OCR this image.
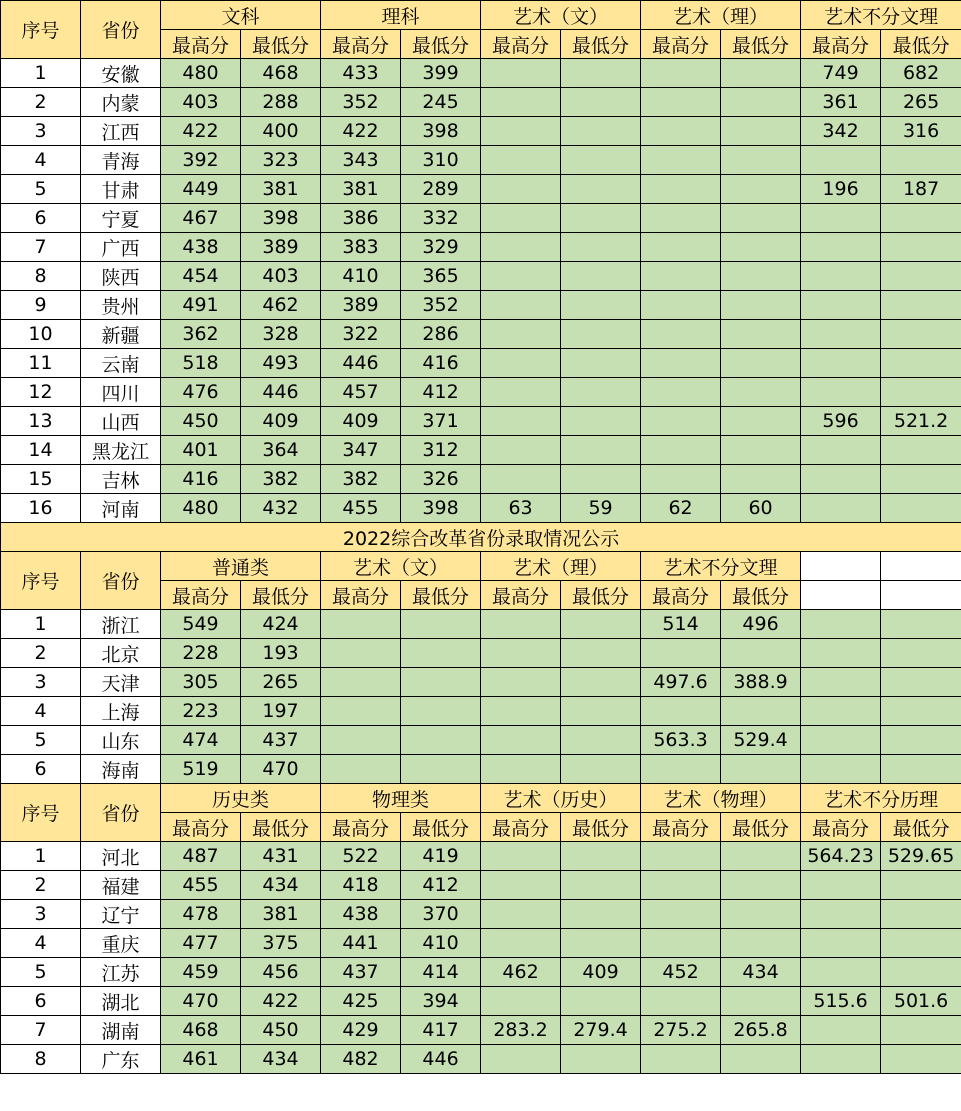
序号	省份	文科		理科		艺术（文）		艺术（理）		艺术不分文理	
		最高分	最低分	最高分	最低分	最高分	最低分	最高分	最低分	最高分	最低分
1	安徽	480	468	433	399					749	682
2	内蒙	403	288	352	245					361	265
3	江西	422	400	422	398					342	316
4	青海	392	323	343	310						
5	甘肃	449	381	381	289					196	187
6	宁夏	467	398	386	332						
7	广西	438	389	383	329						
8	陕西	454	403	410	365						
9	贵州	491	462	389	352						
10	新疆	362	328	322	286						
11	云南	518	493	446	416						
12	四川	476	446	457	412						
13	山西	450	409	409	371					596	521.2
14	黑龙江	401	364	347	312						
15	吉林	416	382	382	326						
16	河南	480	432	455	398	63	59	62	60		
2022综合改革省份录取情况公示											
序号	省份	普通类		艺术（文）		艺术（理）		艺术不分文理			
		最高分	最低分	最高分	最低分	最高分	最低分	最高分	最低分		
1	浙江	549	424					514	496		
2	北京	228	193								
3	天津	305	265					497.6	388.9		
4	上海	223	197								
5	山东	474	437					563.3	529.4		
6	海南	519	470								
序号	省份	历史类		物理类		艺术（历史）		艺术（物理）		艺术不分历理	
		最高分	最低分	最高分	最低分	最高分	最低分	最高分	最低分	最高分	最低分
1	河北	487	431	522	419					564.23	529.65
2	福建	455	434	418	412						
3	辽宁	478	381	438	370						
4	重庆	477	375	441	410						
5	江苏	459	456	437	414	462	409	452	434		
6	湖北	470	422	425	394					515.6	501.6
7	湖南	468	450	429	417	283.2	279.4	275.2	265.8		
8	广东	461	434	482	446						
